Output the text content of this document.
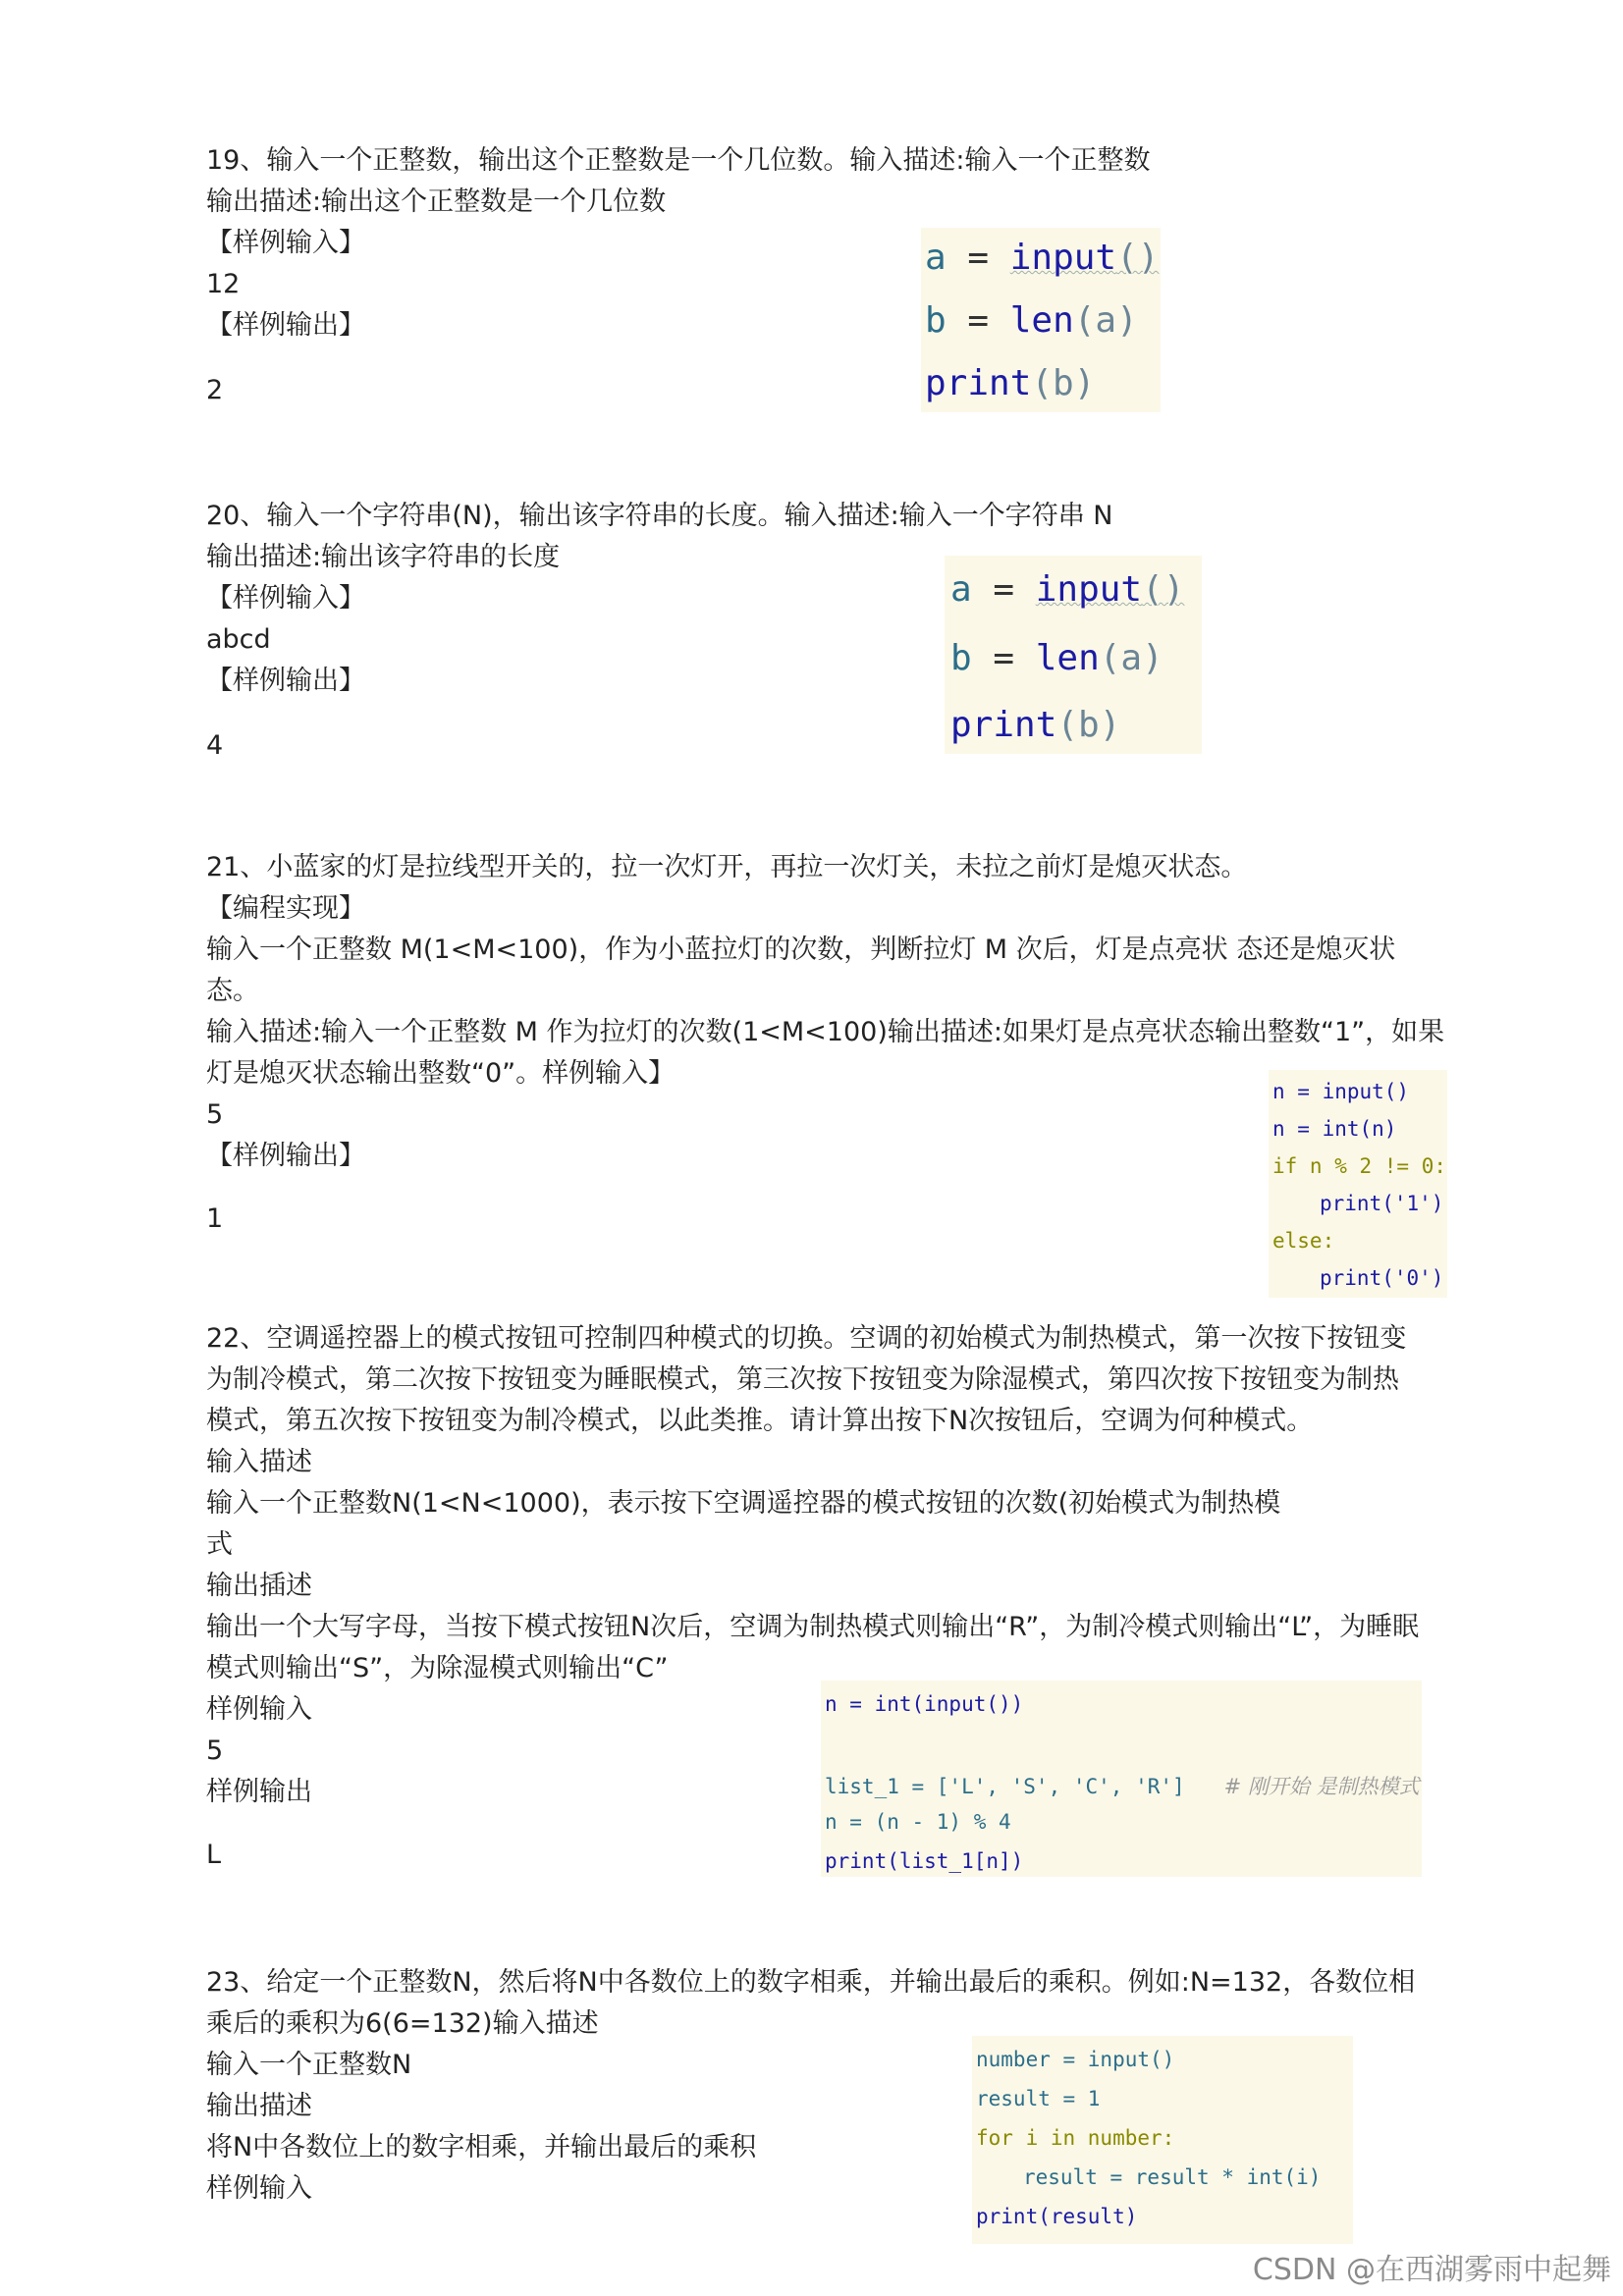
19、输入一个正整数，输出这个正整数是一个几位数。输入描述:输入一个正整数
输出描述:输出这个正整数是一个几位数
【样例输入】
12
【样例输出】
2
a = input()
b = len(a)
print(b)
20、输入一个字符串(N)，输出该字符串的长度。输入描述:输入一个字符串 N
输出描述:输出该字符串的长度
【样例输入】
abcd
【样例输出】
4
a = input()
b = len(a)
print(b)
21、小蓝家的灯是拉线型开关的，拉一次灯开，再拉一次灯关，未拉之前灯是熄灭状态。
【编程实现】
输入一个正整数 M(1<M<100)，作为小蓝拉灯的次数，判断拉灯 M 次后，灯是点亮状 态还是熄灭状
态。
输入描述:输入一个正整数 M 作为拉灯的次数(1<M<100)输出描述:如果灯是点亮状态输出整数“1”，如果
灯是熄灭状态输出整数“0”。样例输入】
5
【样例输出】
1
n = input()
n = int(n)
if n % 2 != 0:
print('1')
else:
print('0')
22、空调遥控器上的模式按钮可控制四种模式的切换。空调的初始模式为制热模式，第一次按下按钮变
为制冷模式，第二次按下按钮变为睡眠模式，第三次按下按钮变为除湿模式，第四次按下按钮变为制热
模式，第五次按下按钮变为制冷模式，以此类推。请计算出按下N次按钮后，空调为何种模式。
输入描述
输入一个正整数N(1<N<1000)，表示按下空调遥控器的模式按钮的次数(初始模式为制热模
式
输出插述
输出一个大写字母，当按下模式按钮N次后，空调为制热模式则输出“R”，为制冷模式则输出“L”，为睡眠
模式则输出“S”，为除湿模式则输出“C”
样例输入
5
样例输出
L
n = int(input())
list_1 = ['L', 'S', 'C', 'R'] # 刚开始 是制热模式
n = (n - 1) % 4
print(list_1[n])
23、给定一个正整数N，然后将N中各数位上的数字相乘，并输出最后的乘积。例如:N=132，各数位相
乘后的乘积为6(6=132)输入描述
输入一个正整数N
输出描述
将N中各数位上的数字相乘，并输出最后的乘积
样例输入
number = input()
result = 1
for i in number:
result = result * int(i)
print(result)
CSDN @在西湖雾雨中起舞
